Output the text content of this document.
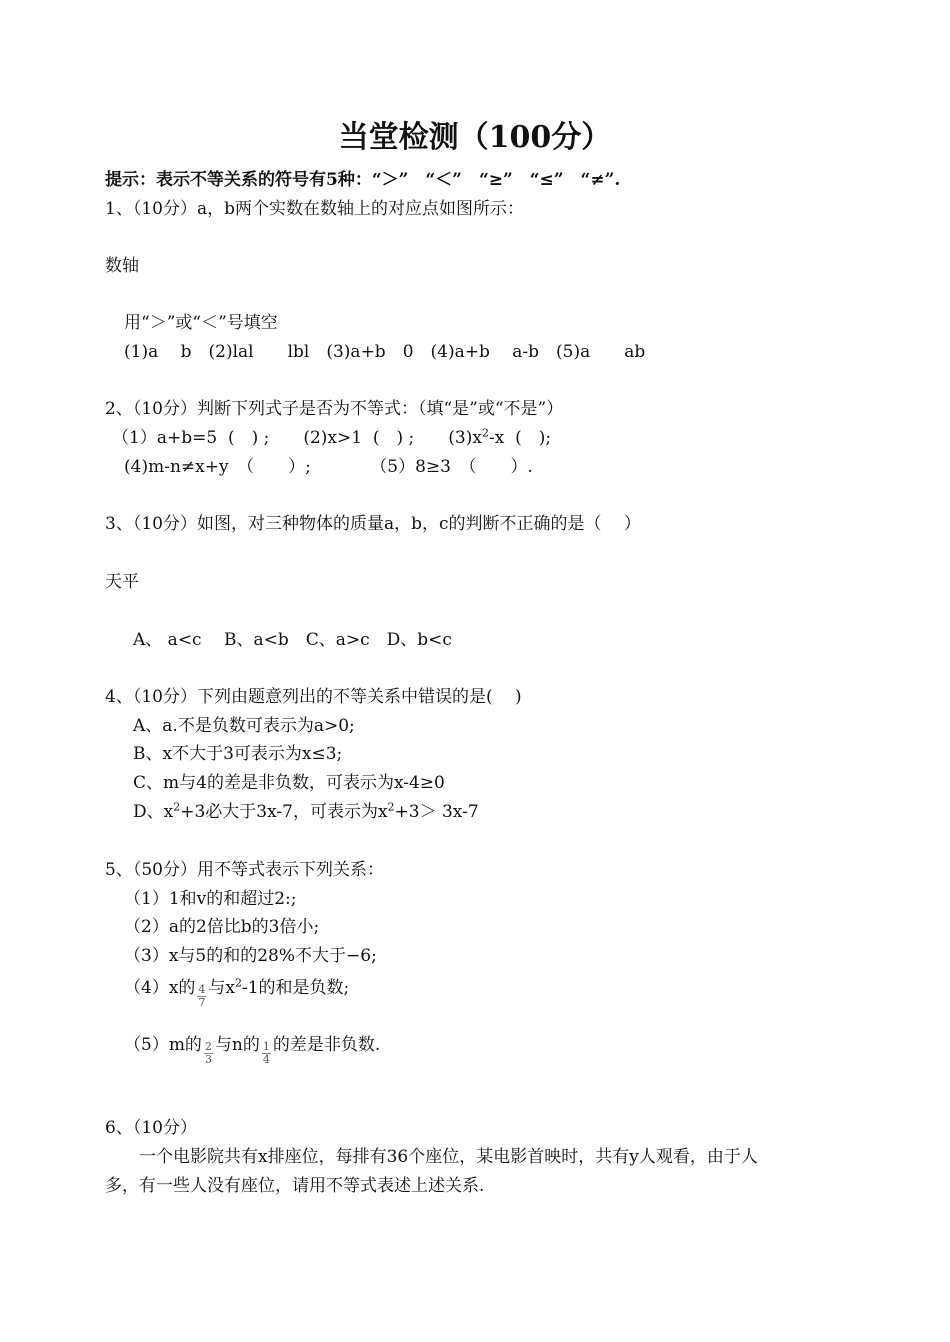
当堂检测（100分）
提示：表示不等关系的符号有5种：“＞”　“＜”　“≥”　“≤”　“≠”.
1、（10分）a，b两个实数在数轴上的对应点如图所示：
数轴
用“＞”或“＜”号填空
(1)a　 b　(2)lal　　lbl　(3)a+b　0　(4)a+b　 a-b　(5)a　　ab
2、（10分）判断下列式子是否为不等式：（填“是”或“不是”）
（1）a+b=5  (　) ;　　(2)x>1  (　) ;　　$(3)x^2-x$  (　);
(4)m-n≠x+y　（　　）;　　　　（5）8≥3　（　　）.
3、（10分）如图，对三种物体的质量a，b，c的判断不正确的是（　 ）
天平
A、 a<c　 B、a<b　C、a>c　D、b<c
4、（10分）下列由题意列出的不等关系中错误的是(　 )
A、a.不是负数可表示为a>0;
B、x不大于3可表示为x≤3;
C、m与4的差是非负数，可表示为x-4≥0
D、$x^2+3$必大于3x-7，可表示为$x^2+3> 3x-7$
5、（50分）用不等式表示下列关系：
（1）1和v的和超过2:;
（2）a的2倍比b的3倍小;
（3）x与5的和的28%不大于−6;
（4）x的 $\frac{4}{7}$ 与$x^2-1$的和是负数;
（5）m的 $\frac{2}{3}$ 与n的 $\frac{1}{4}$ 的差是非负数.
6、（10分）
　　一个电影院共有x排座位，每排有36个座位，某电影首映时，共有y人观看，由于人
多，有一些人没有座位，请用不等式表述上述关系.
